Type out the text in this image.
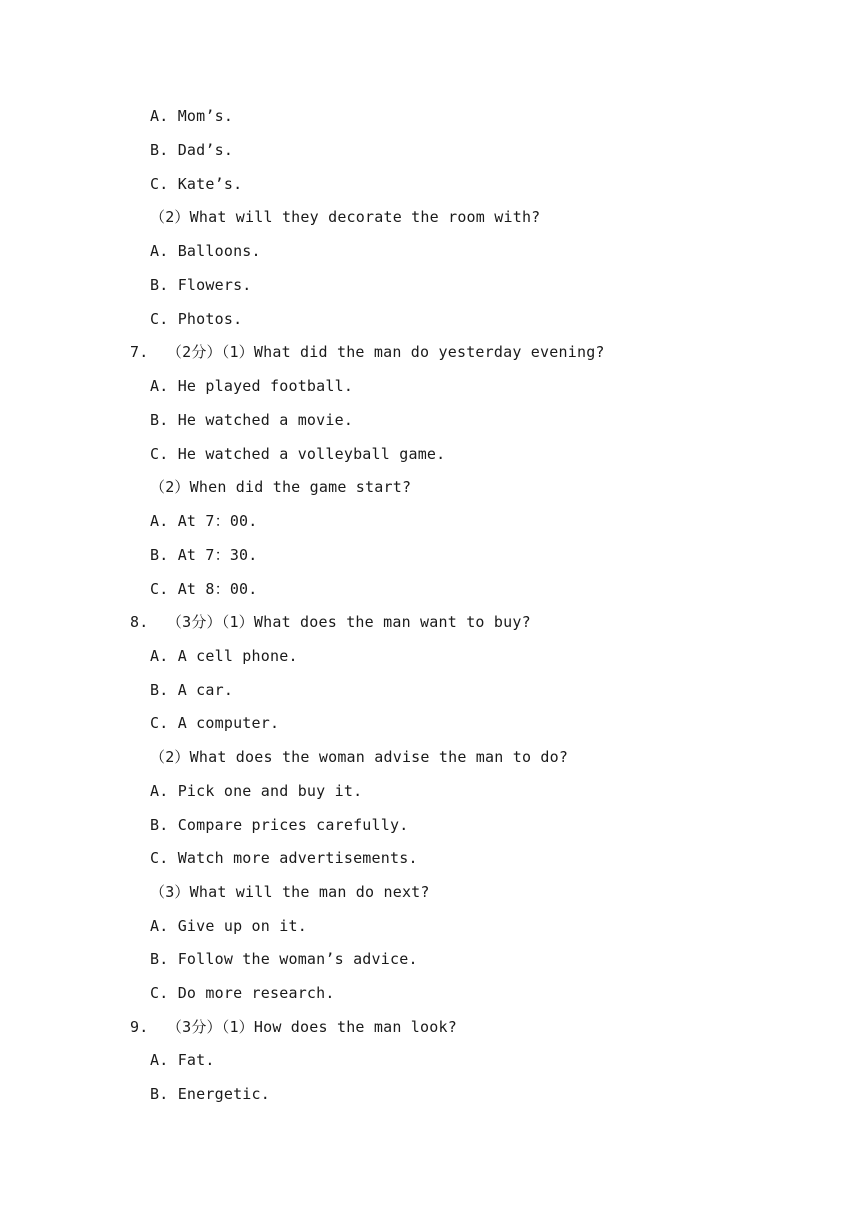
A. Mom’s.
B. Dad’s.
C. Kate’s.
（2）What will they decorate the room with?
A. Balloons.
B. Flowers.
C. Photos.
7.  （2分）（1）What did the man do yesterday evening?
A. He played football.
B. He watched a movie.
C. He watched a volleyball game.
（2）When did the game start?
A. At 7：00.
B. At 7：30.
C. At 8：00.
8.  （3分）（1）What does the man want to buy?
A. A cell phone.
B. A car.
C. A computer.
（2）What does the woman advise the man to do?
A. Pick one and buy it.
B. Compare prices carefully.
C. Watch more advertisements.
（3）What will the man do next?
A. Give up on it.
B. Follow the woman’s advice.
C. Do more research.
9.  （3分）（1）How does the man look?
A. Fat.
B. Energetic.
